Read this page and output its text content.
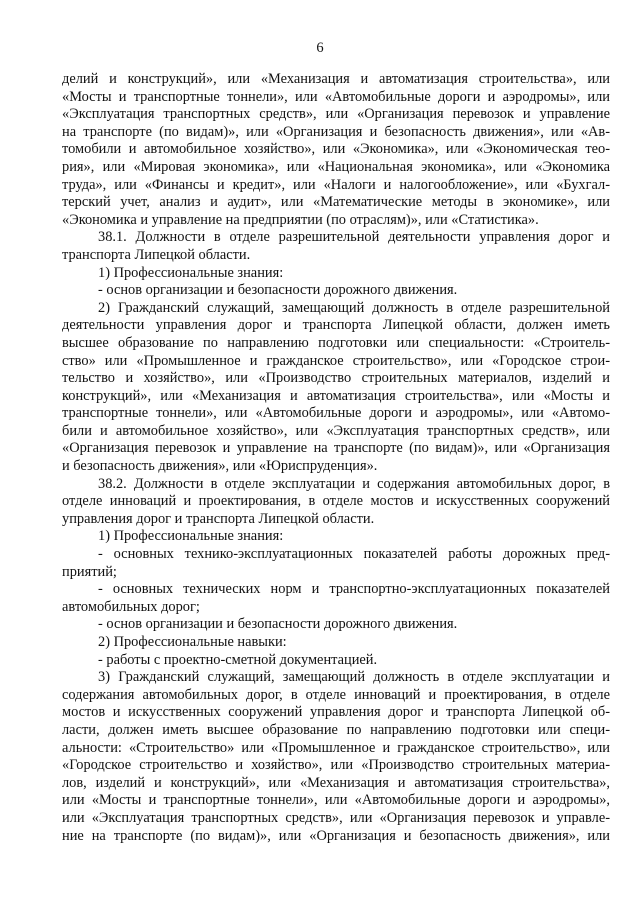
6
делий и конструкций», или «Механизация и автоматизация строительства», или
«Мосты и транспортные тоннели», или «Автомобильные дороги и аэродромы», или
«Эксплуатация транспортных средств», или «Организация перевозок и управление
на транспорте (по видам)», или «Организация и безопасность движения», или «Ав-
томобили и автомобильное хозяйство», или «Экономика», или «Экономическая тео-
рия», или «Мировая экономика», или «Национальная экономика», или «Экономика
труда», или «Финансы и кредит», или «Налоги и налогообложение», или «Бухгал-
терский учет, анализ и аудит», или «Математические методы в экономике», или
«Экономика и управление на предприятии (по отраслям)», или «Статистика».
38.1. Должности в отделе разрешительной деятельности управления дорог и
транспорта Липецкой области.
1) Профессиональные знания:
- основ организации и безопасности дорожного движения.
2) Гражданский служащий, замещающий должность в отделе разрешительной
деятельности управления дорог и транспорта Липецкой области, должен иметь
высшее образование по направлению подготовки или специальности: «Строитель-
ство» или «Промышленное и гражданское строительство», или «Городское строи-
тельство и хозяйство», или «Производство строительных материалов, изделий и
конструкций», или «Механизация и автоматизация строительства», или «Мосты и
транспортные тоннели», или «Автомобильные дороги и аэродромы», или «Автомо-
били и автомобильное хозяйство», или «Эксплуатация транспортных средств», или
«Организация перевозок и управление на транспорте (по видам)», или «Организация
и безопасность движения», или «Юриспруденция».
38.2. Должности в отделе эксплуатации и содержания автомобильных дорог, в
отделе инноваций и проектирования, в отделе мостов и искусственных сооружений
управления дорог и транспорта Липецкой области.
1) Профессиональные знания:
- основных технико-эксплуатационных показателей работы дорожных пред-
приятий;
- основных технических норм и транспортно-эксплуатационных показателей
автомобильных дорог;
- основ организации и безопасности дорожного движения.
2) Профессиональные навыки:
- работы с проектно-сметной документацией.
3) Гражданский служащий, замещающий должность в отделе эксплуатации и
содержания автомобильных дорог, в отделе инноваций и проектирования, в отделе
мостов и искусственных сооружений управления дорог и транспорта Липецкой об-
ласти, должен иметь высшее образование по направлению подготовки или специ-
альности: «Строительство» или «Промышленное и гражданское строительство», или
«Городское строительство и хозяйство», или «Производство строительных материа-
лов, изделий и конструкций», или «Механизация и автоматизация строительства»,
или «Мосты и транспортные тоннели», или «Автомобильные дороги и аэродромы»,
или «Эксплуатация транспортных средств», или «Организация перевозок и управле-
ние на транспорте (по видам)», или «Организация и безопасность движения», или
